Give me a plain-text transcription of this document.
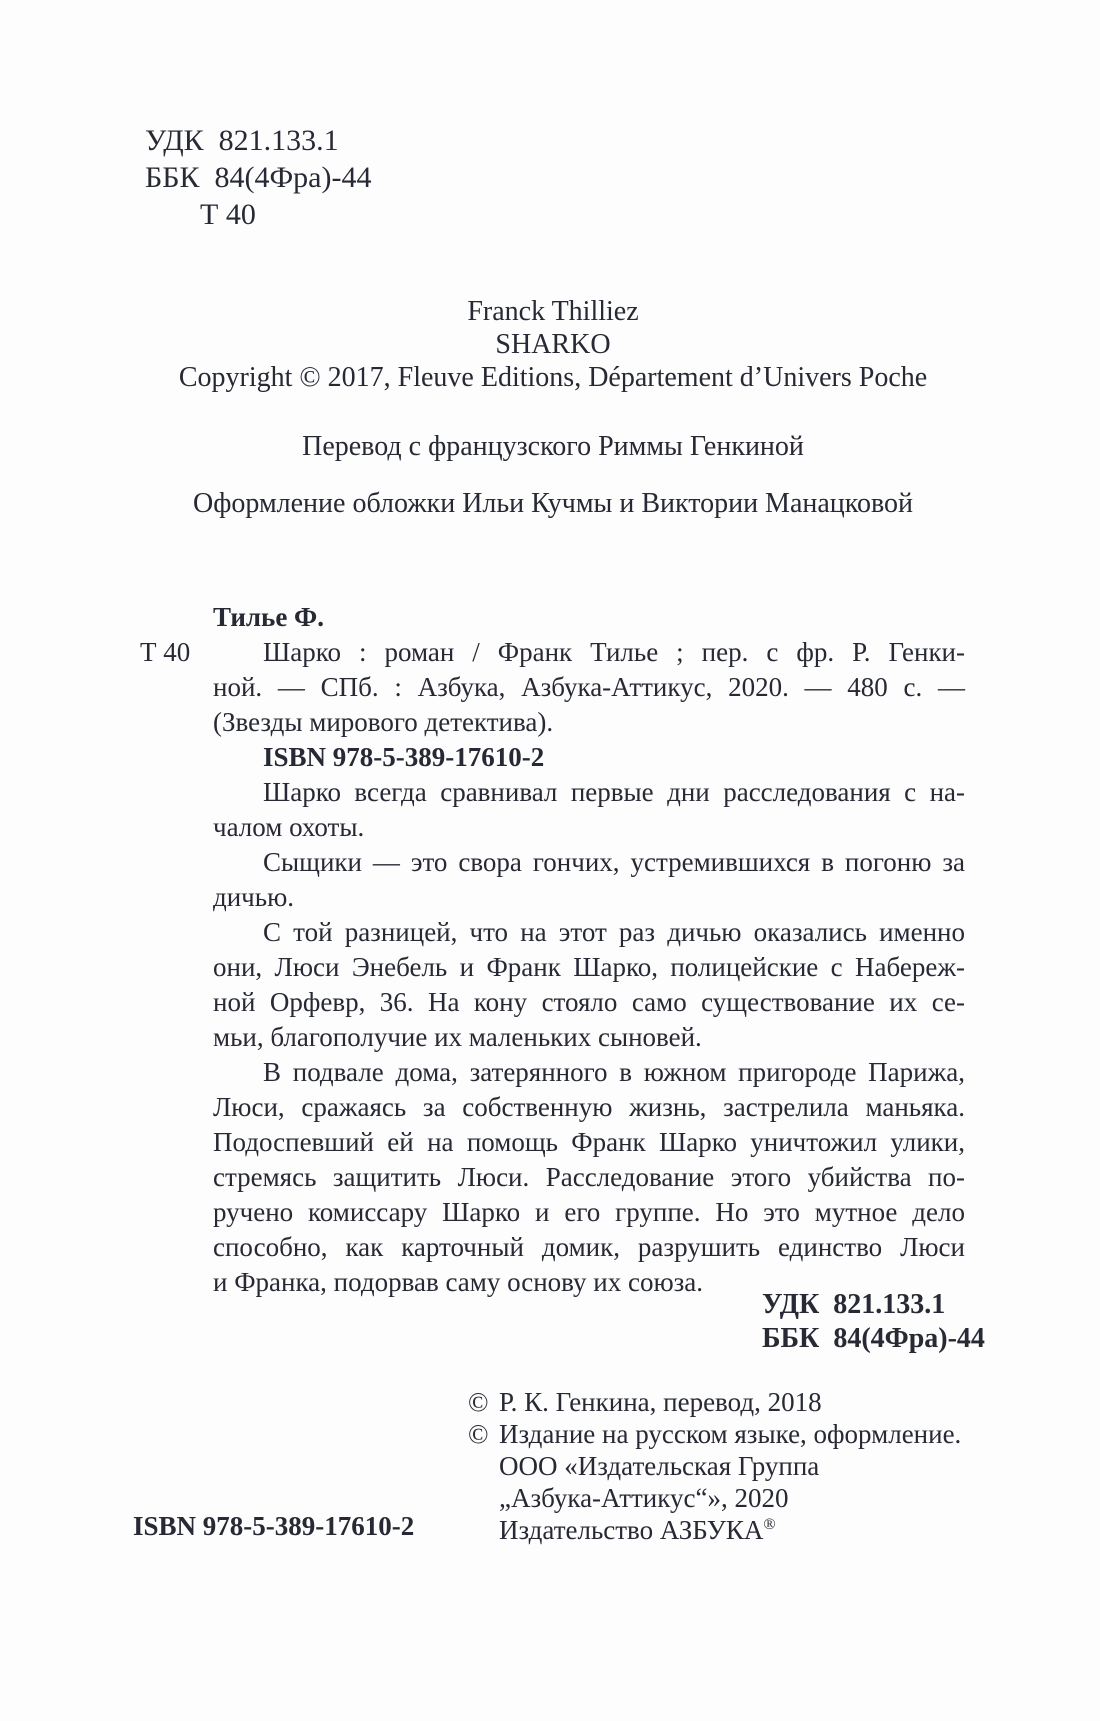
УДК  821.133.1
ББК  84(4Фра)-44
Т 40
Franck Thilliez
SHARKO
Copyright © 2017, Fleuve Editions, Département d’Univers Poche
Перевод с французского Риммы Генкиной
Оформление обложки Ильи Кучмы и Виктории Манацковой
Тилье Ф.
Т 40	Шарко : роман / Франк Тилье ; пер. с фр. Р. Генки-
ной. — СПб. : Азбука, Азбука-Аттикус, 2020. — 480 с. —
(Звезды мирового детектива).
ISBN 978-5-389-17610-2
Шарко всегда сравнивал первые дни расследования с на-
чалом охоты.
Сыщики — это свора гончих, устремившихся в погоню за
дичью.
С той разницей, что на этот раз дичью оказались именно
они, Люси Энебель и Франк Шарко, полицейские с Набереж-
ной Орфевр, 36. На кону стояло само существование их се-
мьи, благополучие их маленьких сыновей.
В подвале дома, затерянного в южном пригороде Парижа,
Люси, сражаясь за собственную жизнь, застрелила маньяка.
Подоспевший ей на помощь Франк Шарко уничтожил улики,
стремясь защитить Люси. Расследование этого убийства по-
ручено комиссару Шарко и его группе. Но это мутное дело
способно, как карточный домик, разрушить единство Люси
и Франка, подорвав саму основу их союза.
УДК  821.133.1
ББК  84(4Фра)-44
© Р. К. Генкина, перевод, 2018
© Издание на русском языке, оформление.
ООО «Издательская Группа
„Азбука-Аттикус“», 2020
Издательство АЗБУКА®
ISBN 978-5-389-17610-2
